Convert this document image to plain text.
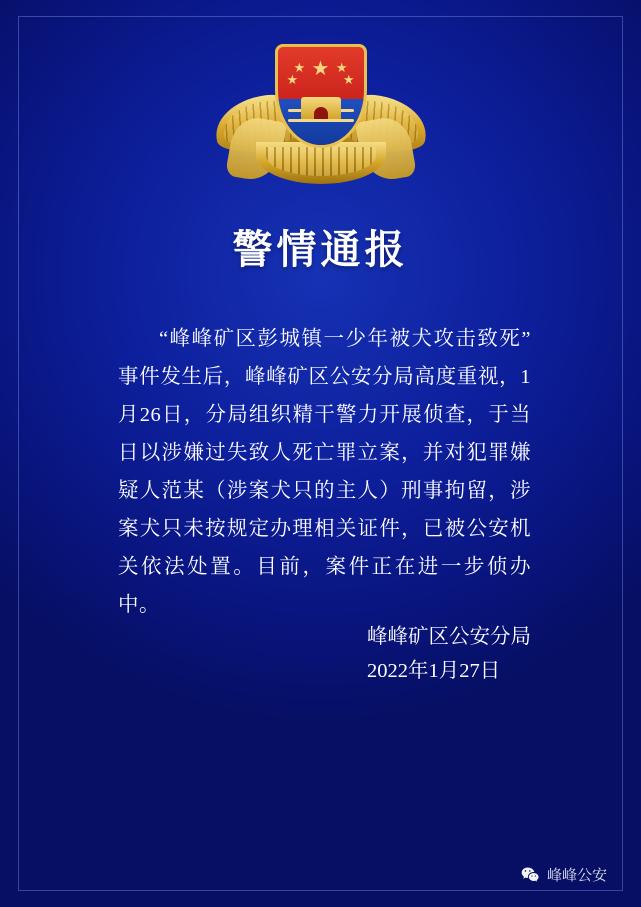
★
★
★
★
★
警情通报

“峰峰矿区彭城镇一少年被犬攻击致死”事件发生后，峰峰矿区公安分局高度重视，1月26日，分局组织精干警力开展侦查，于当日以涉嫌过失致人死亡罪立案，并对犯罪嫌疑人范某（涉案犬只的主人）刑事拘留，涉案犬只未按规定办理相关证件，已被公安机关依法处置。目前，案件正在进一步侦办中。

峰峰矿区公安分局
2022年1月27日
峰峰公安
